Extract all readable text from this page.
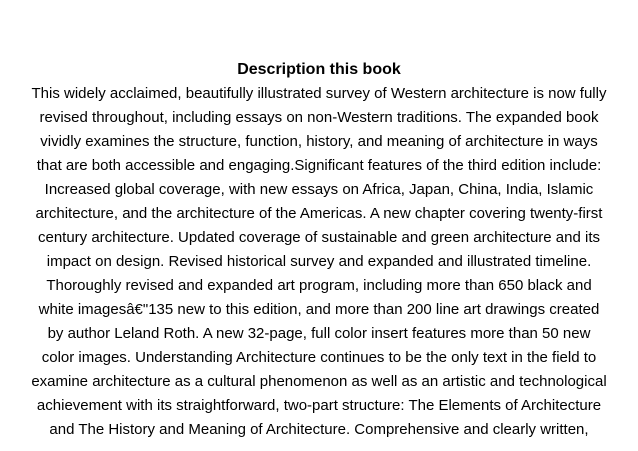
Description this book
This widely acclaimed, beautifully illustrated survey of Western architecture is now fully
revised throughout, including essays on non-Western traditions. The expanded book
vividly examines the structure, function, history, and meaning of architecture in ways
that are both accessible and engaging.Significant features of the third edition include:
Increased global coverage, with new essays on Africa, Japan, China, India, Islamic
architecture, and the architecture of the Americas. A new chapter covering twenty-first
century architecture. Updated coverage of sustainable and green architecture and its
impact on design. Revised historical survey and expanded and illustrated timeline.
Thoroughly revised and expanded art program, including more than 650 black and
white imagesâ€"135 new to this edition, and more than 200 line art drawings created
by author Leland Roth. A new 32-page, full color insert features more than 50 new
color images. Understanding Architecture continues to be the only text in the field to
examine architecture as a cultural phenomenon as well as an artistic and technological
achievement with its straightforward, two-part structure: The Elements of Architecture
and The History and Meaning of Architecture. Comprehensive and clearly written,
